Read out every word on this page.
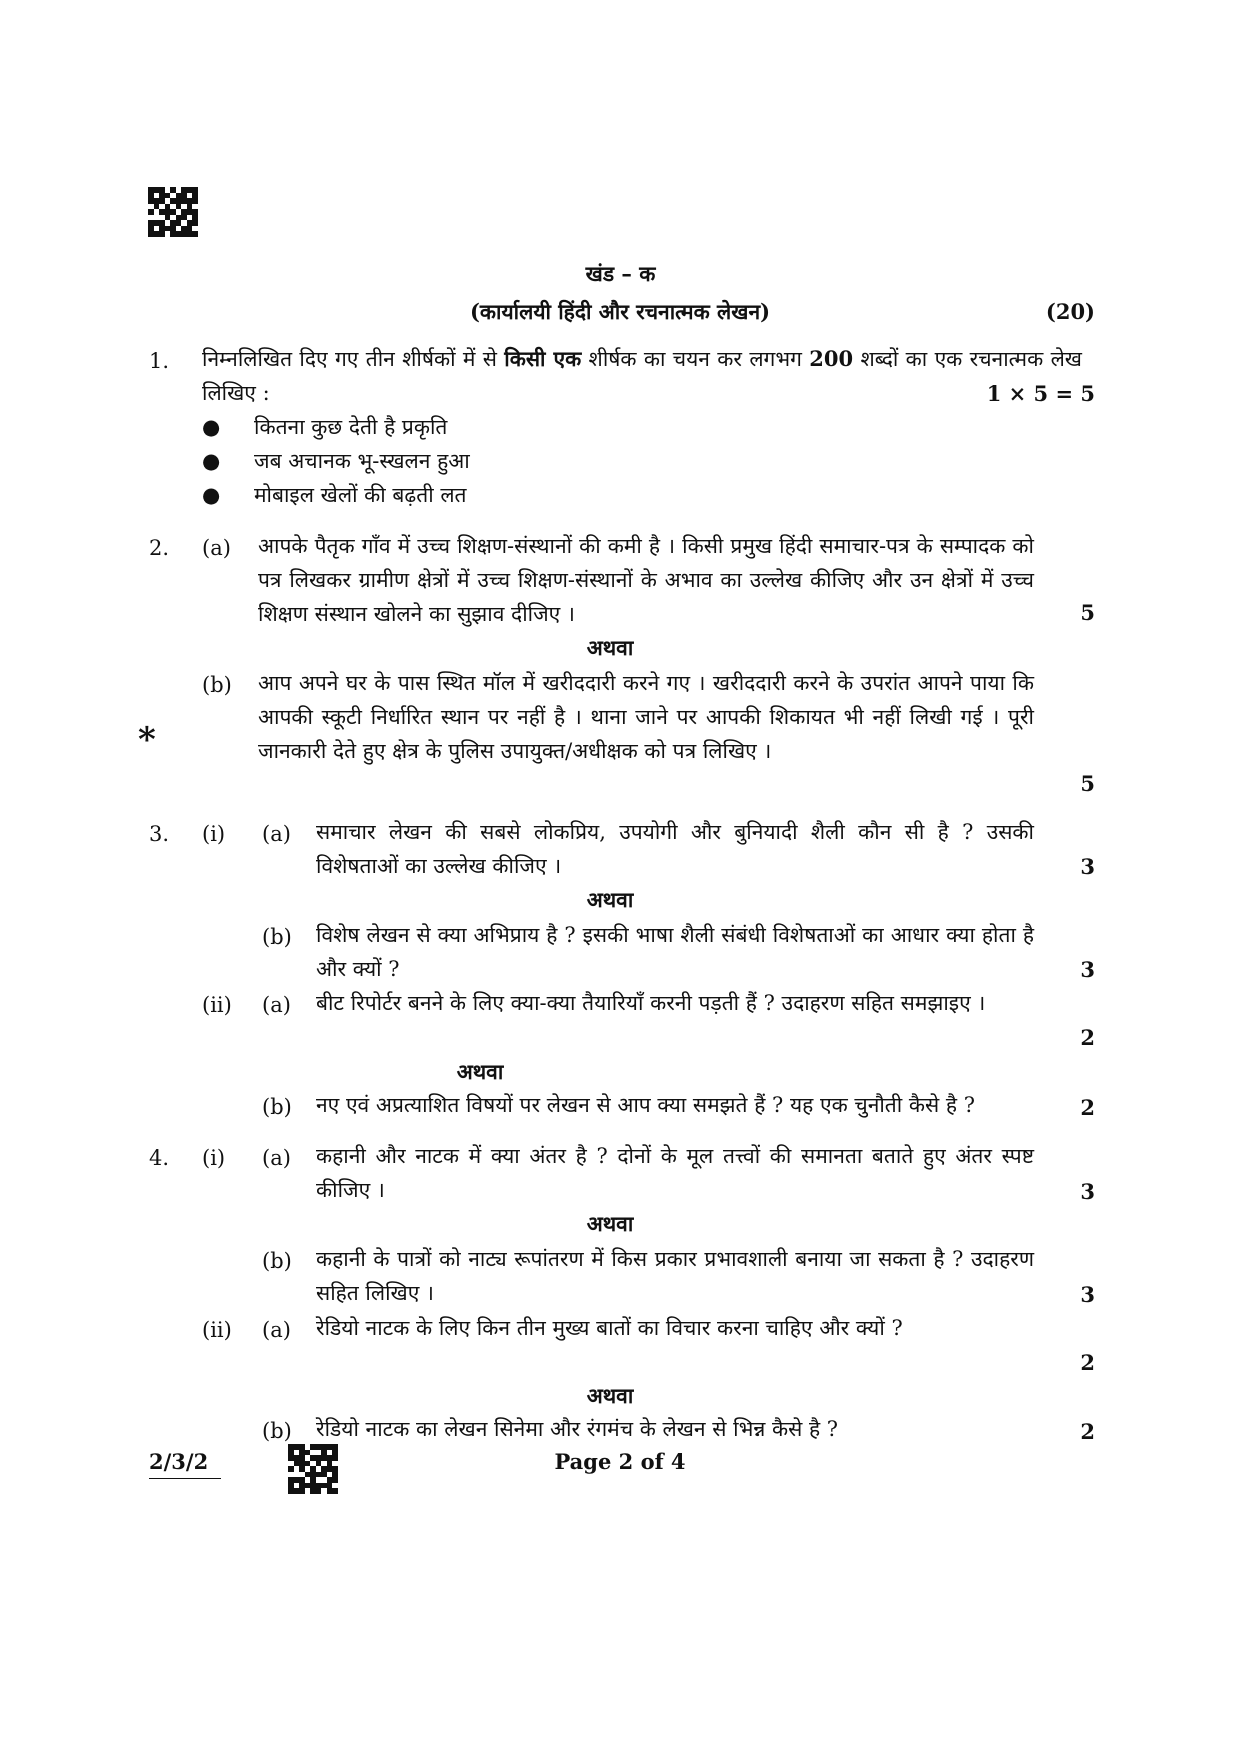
खंड – क
(कार्यालयी हिंदी और रचनात्मक लेखन)	(20)
1. निम्नलिखित दिए गए तीन शीर्षकों में से किसी एक शीर्षक का चयन कर लगभग 200 शब्दों का एक रचनात्मक लेख लिखिए :	1 × 5 = 5
● कितना कुछ देती है प्रकृति
● जब अचानक भू-स्खलन हुआ
● मोबाइल खेलों की बढ़ती लत
2. (a) आपके पैतृक गाँव में उच्च शिक्षण-संस्थानों की कमी है । किसी प्रमुख हिंदी समाचार-पत्र के सम्पादक को पत्र लिखकर ग्रामीण क्षेत्रों में उच्च शिक्षण-संस्थानों के अभाव का उल्लेख कीजिए और उन क्षेत्रों में उच्च शिक्षण संस्थान खोलने का सुझाव दीजिए ।	5
अथवा
(b) आप अपने घर के पास स्थित मॉल में खरीददारी करने गए । खरीददारी करने के उपरांत आपने पाया कि आपकी स्कूटी निर्धारित स्थान पर नहीं है । थाना जाने पर आपकी शिकायत भी नहीं लिखी गई । पूरी जानकारी देते हुए क्षेत्र के पुलिस उपायुक्त/अधीक्षक को पत्र लिखिए ।
*
5
3. (i) (a) समाचार लेखन की सबसे लोकप्रिय, उपयोगी और बुनियादी शैली कौन सी है ? उसकी विशेषताओं का उल्लेख कीजिए ।	3
अथवा
(b) विशेष लेखन से क्या अभिप्राय है ? इसकी भाषा शैली संबंधी विशेषताओं का आधार क्या होता है और क्यों ?	3
(ii) (a) बीट रिपोर्टर बनने के लिए क्या-क्या तैयारियाँ करनी पड़ती हैं ? उदाहरण सहित समझाइए ।
2
अथवा
(b) नए एवं अप्रत्याशित विषयों पर लेखन से आप क्या समझते हैं ? यह एक चुनौती कैसे है ?	2
4. (i) (a) कहानी और नाटक में क्या अंतर है ? दोनों के मूल तत्त्वों की समानता बताते हुए अंतर स्पष्ट कीजिए ।	3
अथवा
(b) कहानी के पात्रों को नाट्य रूपांतरण में किस प्रकार प्रभावशाली बनाया जा सकता है ? उदाहरण सहित लिखिए ।	3
(ii) (a) रेडियो नाटक के लिए किन तीन मुख्य बातों का विचार करना चाहिए और क्यों ?
2
अथवा
(b) रेडियो नाटक का लेखन सिनेमा और रंगमंच के लेखन से भिन्न कैसे है ?	2
2/3/2	Page 2 of 4
